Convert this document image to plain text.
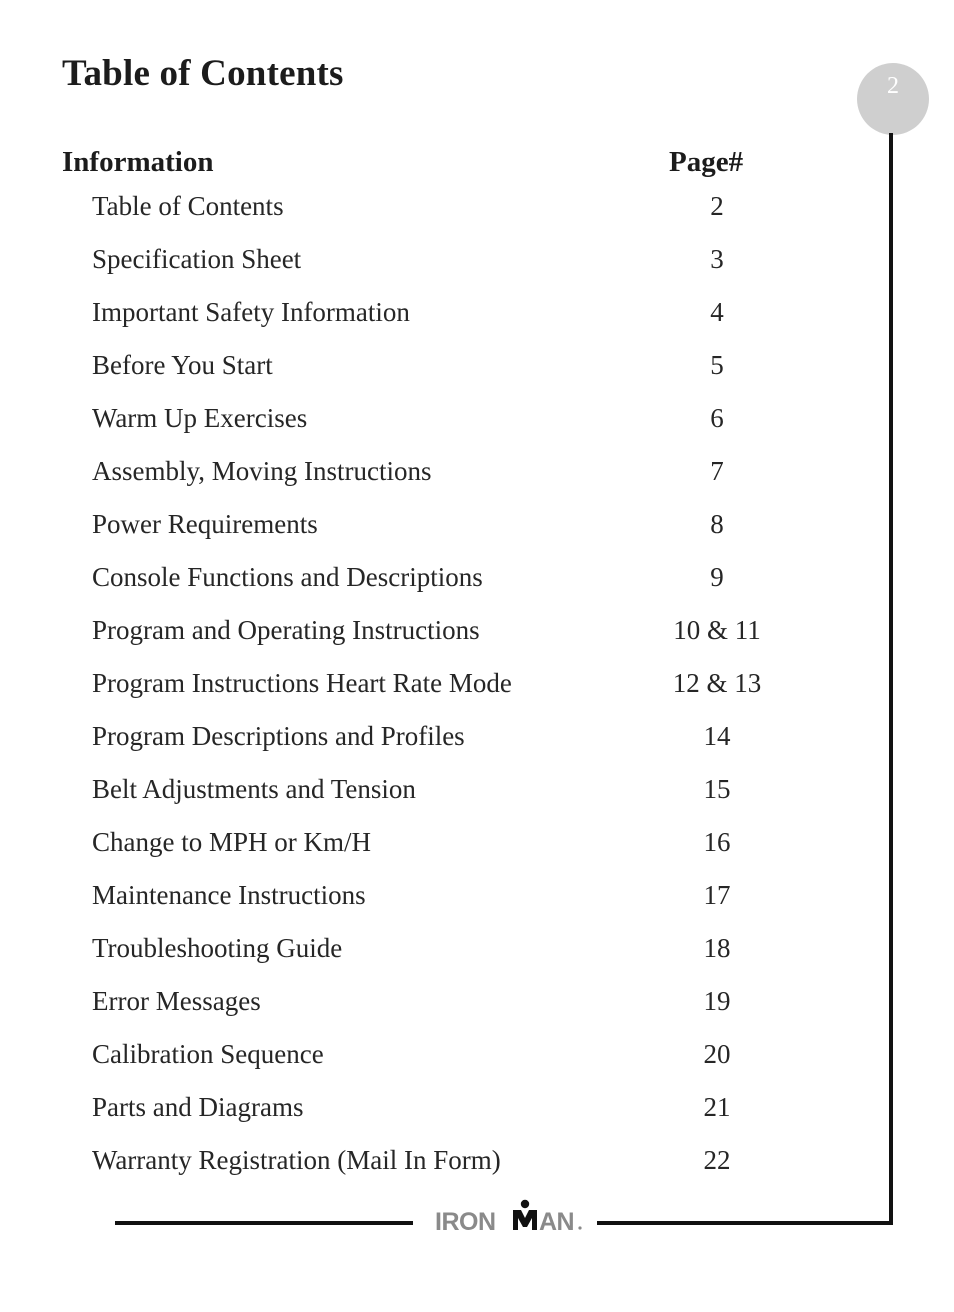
Table of Contents	2
Information	Page#
Table of Contents	2
Specification Sheet	3
Important Safety Information	4
Before You Start	5
Warm Up Exercises	6
Assembly, Moving Instructions	7
Power Requirements	8
Console Functions and Descriptions	9
Program and Operating Instructions	10 & 11
Program Instructions Heart Rate Mode	12 & 13
Program Descriptions and Profiles	14
Belt Adjustments and Tension	15
Change to MPH or Km/H	16
Maintenance Instructions	17
Troubleshooting Guide	18
Error Messages	19
Calibration Sequence	20
Parts and Diagrams	21
Warranty Registration (Mail In Form)	22
IRON AN
